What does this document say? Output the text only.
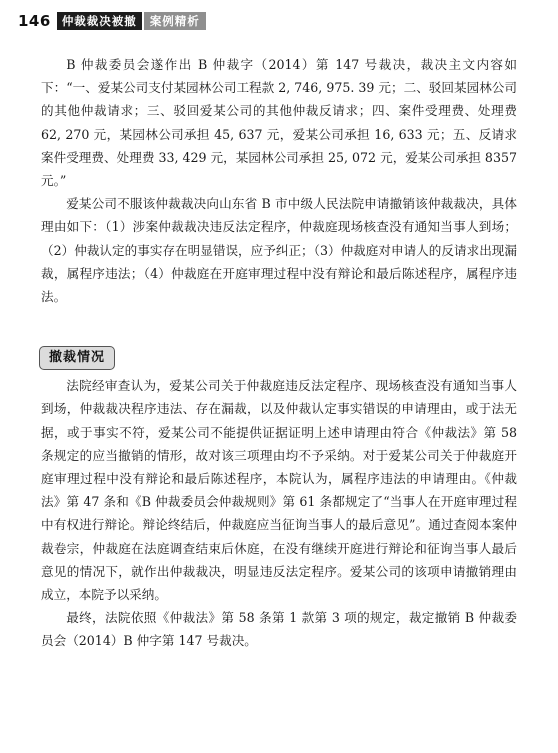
146 仲裁裁决被撤	案例精析

B 仲裁委员会遂作出 B 仲裁字（2014）第 147 号裁决，裁决主文内容如下：“一、爱某公司支付某园林公司工程款 2, 746, 975. 39 元；二、驳回某园林公司的其他仲裁请求；三、驳回爱某公司的其他仲裁反请求；四、案件受理费、处理费 62, 270 元，某园林公司承担 45, 637 元，爱某公司承担 16, 633 元；五、反请求案件受理费、处理费 33, 429 元，某园林公司承担 25, 072 元，爱某公司承担 8357 元。”

爱某公司不服该仲裁裁决向山东省 B 市中级人民法院申请撤销该仲裁裁决，具体理由如下：（1）涉案仲裁裁决违反法定程序，仲裁庭现场核查没有通知当事人到场；（2）仲裁认定的事实存在明显错误，应予纠正；（3）仲裁庭对申请人的反请求出现漏裁，属程序违法；（4）仲裁庭在开庭审理过程中没有辩论和最后陈述程序，属程序违法。

撤裁情况

法院经审查认为，爱某公司关于仲裁庭违反法定程序、现场核查没有通知当事人到场，仲裁裁决程序违法、存在漏裁，以及仲裁认定事实错误的申请理由，或于法无据，或于事实不符，爱某公司不能提供证据证明上述申请理由符合《仲裁法》第 58 条规定的应当撤销的情形，故对该三项理由均不予采纳。对于爱某公司关于仲裁庭开庭审理过程中没有辩论和最后陈述程序，本院认为，属程序违法的申请理由。《仲裁法》第 47 条和《B 仲裁委员会仲裁规则》第 61 条都规定了“当事人在开庭审理过程中有权进行辩论。辩论终结后，仲裁庭应当征询当事人的最后意见”。通过查阅本案仲裁卷宗，仲裁庭在法庭调查结束后休庭，在没有继续开庭进行辩论和征询当事人最后意见的情况下，就作出仲裁裁决，明显违反法定程序。爱某公司的该项申请撤销理由成立，本院予以采纳。

最终，法院依照《仲裁法》第 58 条第 1 款第 3 项的规定，裁定撤销 B 仲裁委员会（2014）B 仲字第 147 号裁决。
